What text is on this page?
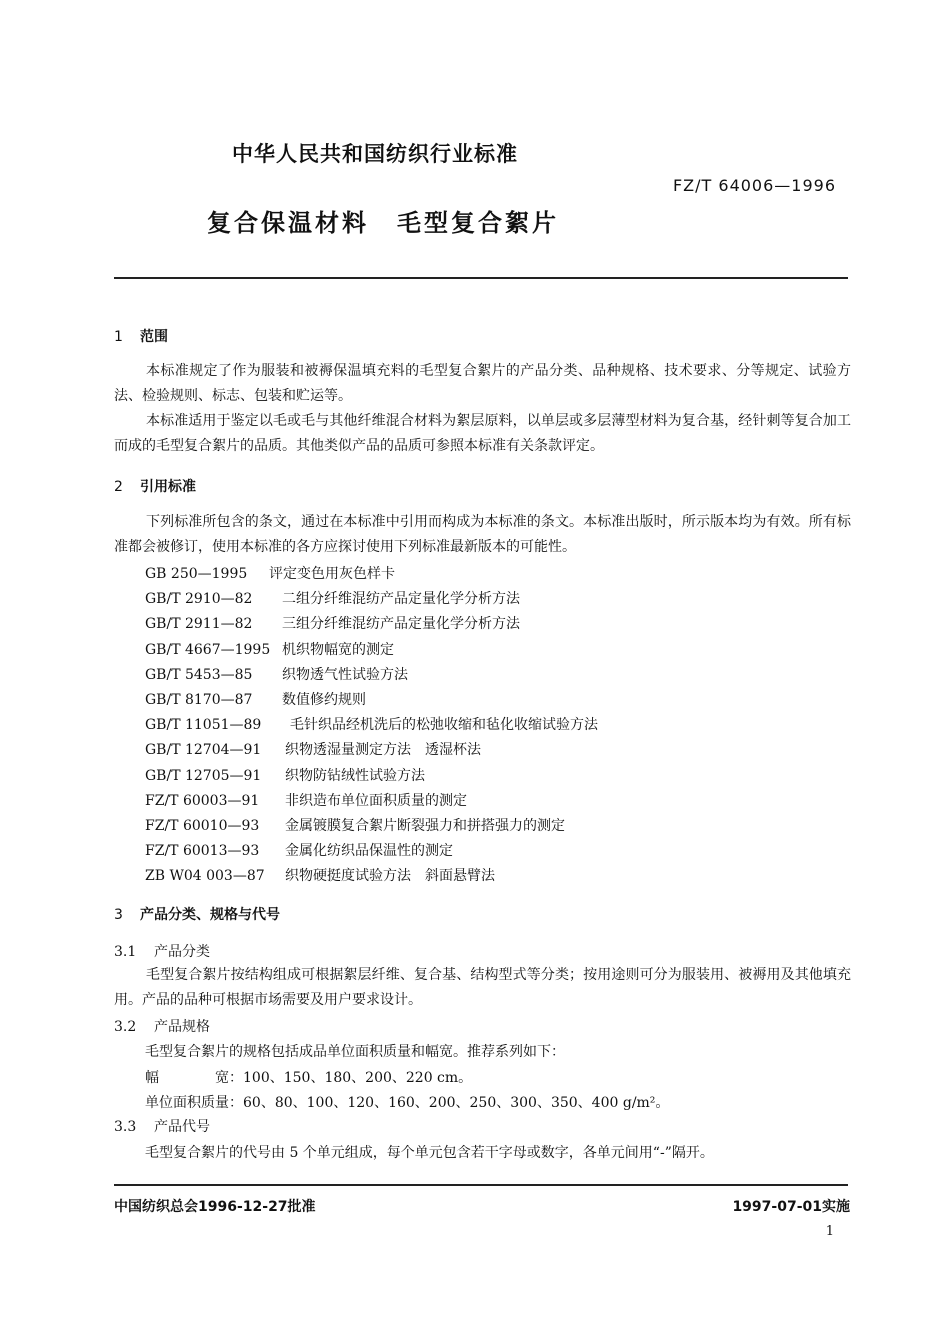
中华人民共和国纺织行业标准
FZ/T 64006—1996
复合保温材料 毛型复合絮片
1 范围
本标准规定了作为服装和被褥保温填充料的毛型复合絮片的产品分类、品种规格、技术要求、分等规定、试验方法、检验规则、标志、包装和贮运等。
本标准适用于鉴定以毛或毛与其他纤维混合材料为絮层原料，以单层或多层薄型材料为复合基，经针刺等复合加工而成的毛型复合絮片的品质。其他类似产品的品质可参照本标准有关条款评定。
2 引用标准
下列标准所包含的条文，通过在本标准中引用而构成为本标准的条文。本标准出版时，所示版本均为有效。所有标准都会被修订，使用本标准的各方应探讨使用下列标准最新版本的可能性。
GB 250—1995 评定变色用灰色样卡
GB/T 2910—82 二组分纤维混纺产品定量化学分析方法
GB/T 2911—82 三组分纤维混纺产品定量化学分析方法
GB/T 4667—1995 机织物幅宽的测定
GB/T 5453—85 织物透气性试验方法
GB/T 8170—87 数值修约规则
GB/T 11051—89 毛针织品经机洗后的松弛收缩和毡化收缩试验方法
GB/T 12704—91 织物透湿量测定方法　透湿杯法
GB/T 12705—91 织物防钻绒性试验方法
FZ/T 60003—91 非织造布单位面积质量的测定
FZ/T 60010—93 金属镀膜复合絮片断裂强力和拼搭强力的测定
FZ/T 60013—93 金属化纺织品保温性的测定
ZB W04 003—87 织物硬挺度试验方法　斜面悬臂法
3 产品分类、规格与代号
3.1 产品分类
毛型复合絮片按结构组成可根据絮层纤维、复合基、结构型式等分类；按用途则可分为服装用、被褥用及其他填充用。产品的品种可根据市场需要及用户要求设计。
3.2 产品规格
毛型复合絮片的规格包括成品单位面积质量和幅宽。推荐系列如下：
幅　　　　宽：100、150、180、200、220 cm。
单位面积质量：60、80、100、120、160、200、250、300、350、400 g/m²。
3.3 产品代号
毛型复合絮片的代号由 5 个单元组成，每个单元包含若干字母或数字，各单元间用“-”隔开。
中国纺织总会1996-12-27批准	1997-07-01实施
1
